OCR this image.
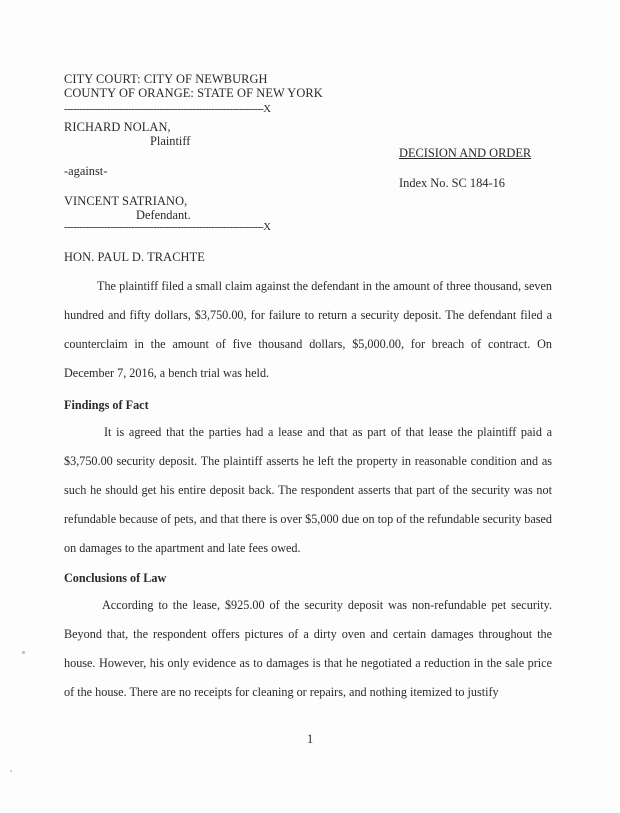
CITY COURT: CITY OF NEWBURGH
COUNTY OF ORANGE: STATE OF NEW YORK
-----------------------------------------------------------------X
RICHARD NOLAN,
Plaintiff
-against-
VINCENT SATRIANO,
Defendant.
-----------------------------------------------------------------X
DECISION AND ORDER
Index No. SC 184-16
HON. PAUL D. TRACHTE
The plaintiff filed a small claim against the defendant in the amount of three thousand, seven hundred and fifty dollars, $3,750.00, for failure to return a security deposit. The defendant filed a counterclaim in the amount of five thousand dollars, $5,000.00, for breach of contract. On December 7, 2016, a bench trial was held.
Findings of Fact
It is agreed that the parties had a lease and that as part of that lease the plaintiff paid a $3,750.00 security deposit. The plaintiff asserts he left the property in reasonable condition and as such he should get his entire deposit back. The respondent asserts that part of the security was not refundable because of pets, and that there is over $5,000 due on top of the refundable security based on damages to the apartment and late fees owed.
Conclusions of Law
According to the lease, $925.00 of the security deposit was non-refundable pet security. Beyond that, the respondent offers pictures of a dirty oven and certain damages throughout the house. However, his only evidence as to damages is that he negotiated a reduction in the sale price of the house. There are no receipts for cleaning or repairs, and nothing itemized to justify
1
